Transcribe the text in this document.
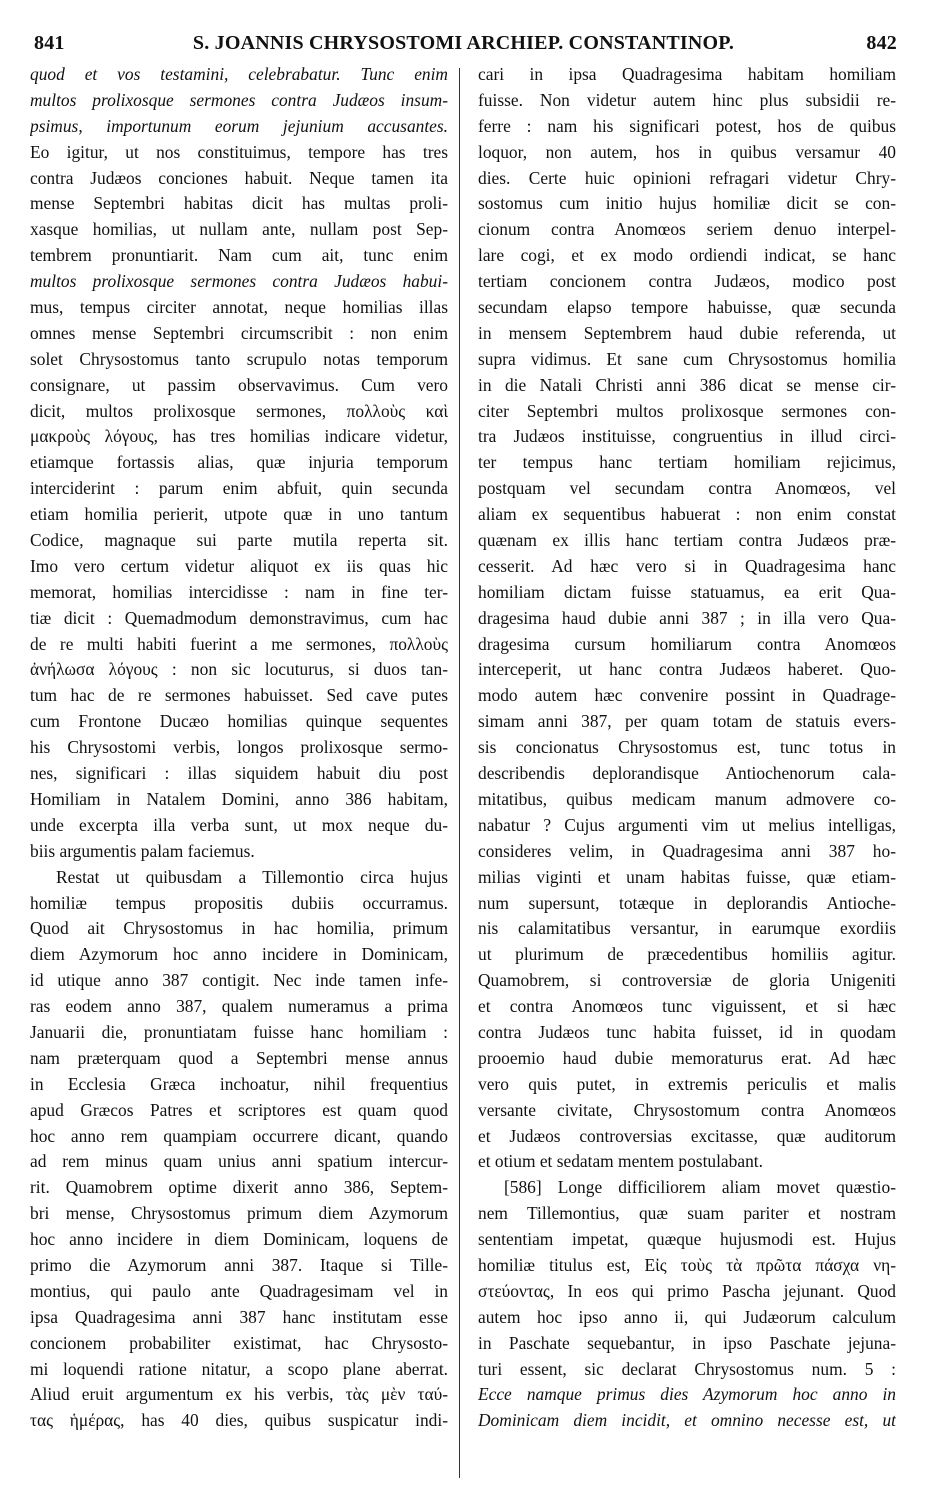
841	S. JOANNIS CHRYSOSTOMI ARCHIEP. CONSTANTINOP.	842
quod et vos testamini, celebrabatur. Tunc enim
multos prolixosque sermones contra Judæos insum-
psimus, importunum eorum jejunium accusantes.
Eo igitur, ut nos constituimus, tempore has tres
contra Judæos conciones habuit. Neque tamen ita
mense Septembri habitas dicit has multas proli-
xasque homilias, ut nullam ante, nullam post Sep-
tembrem pronuntiarit. Nam cum ait, tunc enim
multos prolixosque sermones contra Judæos habui-
mus, tempus circiter annotat, neque homilias illas
omnes mense Septembri circumscribit : non enim
solet Chrysostomus tanto scrupulo notas temporum
consignare, ut passim observavimus. Cum vero
dicit, multos prolixosque sermones, πολλοὺς καὶ
μακροὺς λόγους, has tres homilias indicare videtur,
etiamque fortassis alias, quæ injuria temporum
interciderint : parum enim abfuit, quin secunda
etiam homilia perierit, utpote quæ in uno tantum
Codice, magnaque sui parte mutila reperta sit.
Imo vero certum videtur aliquot ex iis quas hic
memorat, homilias intercidisse : nam in fine ter-
tiæ dicit : Quemadmodum demonstravimus, cum hac
de re multi habiti fuerint a me sermones, πολλοὺς
ἀνήλωσα λόγους : non sic locuturus, si duos tan-
tum hac de re sermones habuisset. Sed cave putes
cum Frontone Ducæo homilias quinque sequentes
his Chrysostomi verbis, longos prolixosque sermo-
nes, significari : illas siquidem habuit diu post
Homiliam in Natalem Domini, anno 386 habitam,
unde excerpta illa verba sunt, ut mox neque du-
biis argumentis palam faciemus.
Restat ut quibusdam a Tillemontio circa hujus
homiliæ tempus propositis dubiis occurramus.
Quod ait Chrysostomus in hac homilia, primum
diem Azymorum hoc anno incidere in Dominicam,
id utique anno 387 contigit. Nec inde tamen infe-
ras eodem anno 387, qualem numeramus a prima
Januarii die, pronuntiatam fuisse hanc homiliam :
nam præterquam quod a Septembri mense annus
in Ecclesia Græca inchoatur, nihil frequentius
apud Græcos Patres et scriptores est quam quod
hoc anno rem quampiam occurrere dicant, quando
ad rem minus quam unius anni spatium intercur-
rit. Quamobrem optime dixerit anno 386, Septem-
bri mense, Chrysostomus primum diem Azymorum
hoc anno incidere in diem Dominicam, loquens de
primo die Azymorum anni 387. Itaque si Tille-
montius, qui paulo ante Quadragesimam vel in
ipsa Quadragesima anni 387 hanc institutam esse
concionem probabiliter existimat, hac Chrysosto-
mi loquendi ratione nitatur, a scopo plane aberrat.
Aliud eruit argumentum ex his verbis, τὰς μὲν ταύ-
τας ἡμέρας, has 40 dies, quibus suspicatur indi-
cari in ipsa Quadragesima habitam homiliam
fuisse. Non videtur autem hinc plus subsidii re-
ferre : nam his significari potest, hos de quibus
loquor, non autem, hos in quibus versamur 40
dies. Certe huic opinioni refragari videtur Chry-
sostomus cum initio hujus homiliæ dicit se con-
cionum contra Anomœos seriem denuo interpel-
lare cogi, et ex modo ordiendi indicat, se hanc
tertiam concionem contra Judæos, modico post
secundam elapso tempore habuisse, quæ secunda
in mensem Septembrem haud dubie referenda, ut
supra vidimus. Et sane cum Chrysostomus homilia
in die Natali Christi anni 386 dicat se mense cir-
citer Septembri multos prolixosque sermones con-
tra Judæos instituisse, congruentius in illud circi-
ter tempus hanc tertiam homiliam rejicimus,
postquam vel secundam contra Anomœos, vel
aliam ex sequentibus habuerat : non enim constat
quænam ex illis hanc tertiam contra Judæos præ-
cesserit. Ad hæc vero si in Quadragesima hanc
homiliam dictam fuisse statuamus, ea erit Qua-
dragesima haud dubie anni 387 ; in illa vero Qua-
dragesima cursum homiliarum contra Anomœos
interceperit, ut hanc contra Judæos haberet. Quo-
modo autem hæc convenire possint in Quadrage-
simam anni 387, per quam totam de statuis evers-
sis concionatus Chrysostomus est, tunc totus in
describendis deplorandisque Antiochenorum cala-
mitatibus, quibus medicam manum admovere co-
nabatur ? Cujus argumenti vim ut melius intelligas,
consideres velim, in Quadragesima anni 387 ho-
milias viginti et unam habitas fuisse, quæ etiam-
num supersunt, totæque in deplorandis Antioche-
nis calamitatibus versantur, in earumque exordiis
ut plurimum de præcedentibus homiliis agitur.
Quamobrem, si controversiæ de gloria Unigeniti
et contra Anomœos tunc viguissent, et si hæc
contra Judæos tunc habita fuisset, id in quodam
prooemio haud dubie memoraturus erat. Ad hæc
vero quis putet, in extremis periculis et malis
versante civitate, Chrysostomum contra Anomœos
et Judæos controversias excitasse, quæ auditorum
et otium et sedatam mentem postulabant.
[586] Longe difficiliorem aliam movet quæstio-
nem Tillemontius, quæ suam pariter et nostram
sententiam impetat, quæque hujusmodi est. Hujus
homiliæ titulus est, Εἰς τοὺς τὰ πρῶτα πάσχα νη-
στεύοντας, In eos qui primo Pascha jejunant. Quod
autem hoc ipso anno ii, qui Judæorum calculum
in Paschate sequebantur, in ipso Paschate jejuna-
turi essent, sic declarat Chrysostomus num. 5 :
Ecce namque primus dies Azymorum hoc anno in
Dominicam diem incidit, et omnino necesse est, ut
